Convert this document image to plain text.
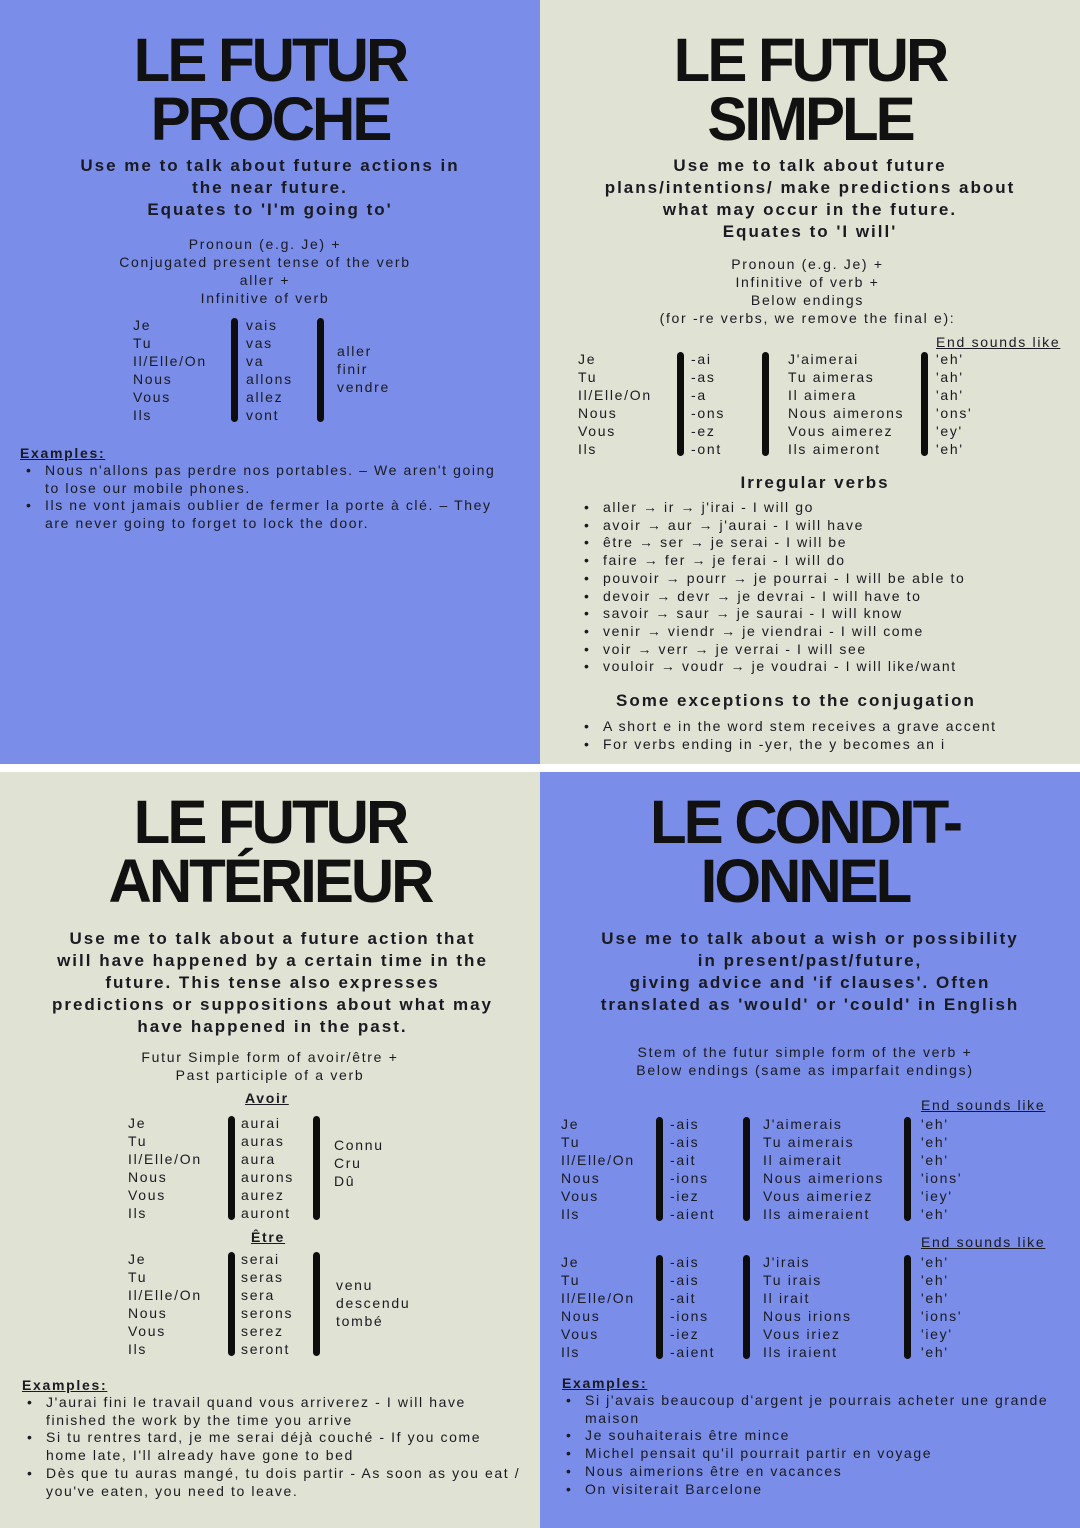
LE FUTUR
PROCHE
Use me to talk about future actions in
the near future.
Equates to 'I'm going to'
Pronoun (e.g. Je) +
Conjugated present tense of the verb
aller +
Infinitive of verb
Je
Tu
Il/Elle/On
Nous
Vous
Ils
vais
vas
va
allons
allez
vont
aller
finir
vendre
Examples:
• Nous n'allons pas perdre nos portables. – We aren't going to lose our mobile phones.
• Ils ne vont jamais oublier de fermer la porte à clé. – They are never going to forget to lock the door.
LE FUTUR
SIMPLE
Use me to talk about future
plans/intentions/ make predictions about
what may occur in the future.
Equates to 'I will'
Pronoun (e.g. Je) +
Infinitive of verb +
Below endings
(for -re verbs, we remove the final e):
End sounds like
Je
Tu
Il/Elle/On
Nous
Vous
Ils
-ai
-as
-a
-ons
-ez
-ont
J'aimerai
Tu aimeras
Il aimera
Nous aimerons
Vous aimerez
Ils aimeront
'eh'
'ah'
'ah'
'ons'
'ey'
'eh'
Irregular verbs
• aller → ir → j'irai - I will go
• avoir → aur → j'aurai - I will have
• être → ser → je serai - I will be
• faire → fer → je ferai - I will do
• pouvoir → pourr → je pourrai - I will be able to
• devoir → devr → je devrai - I will have to
• savoir → saur → je saurai - I will know
• venir → viendr → je viendrai - I will come
• voir → verr → je verrai - I will see
• vouloir → voudr → je voudrai - I will like/want
Some exceptions to the conjugation
• A short e in the word stem receives a grave accent
• For verbs ending in -yer, the y becomes an i
LE FUTUR
ANTÉRIEUR
Use me to talk about a future action that
will have happened by a certain time in the
future. This tense also expresses
predictions or suppositions about what may
have happened in the past.
Futur Simple form of avoir/être +
Past participle of a verb
Avoir
Je
Tu
Il/Elle/On
Nous
Vous
Ils
aurai
auras
aura
aurons
aurez
auront
Connu
Cru
Dû
Être
Je
Tu
Il/Elle/On
Nous
Vous
Ils
serai
seras
sera
serons
serez
seront
venu
descendu
tombé
Examples:
• J'aurai fini le travail quand vous arriverez - I will have finished the work by the time you arrive
• Si tu rentres tard, je me serai déjà couché - If you come home late, I'll already have gone to bed
• Dès que tu auras mangé, tu dois partir - As soon as you eat / you've eaten, you need to leave.
LE CONDIT-
IONNEL
Use me to talk about a wish or possibility
in present/past/future,
giving advice and 'if clauses'. Often
translated as 'would' or 'could' in English
Stem of the futur simple form of the verb +
Below endings (same as imparfait endings)
End sounds like
Je
Tu
Il/Elle/On
Nous
Vous
Ils
-ais
-ais
-ait
-ions
-iez
-aient
J'aimerais
Tu aimerais
Il aimerait
Nous aimerions
Vous aimeriez
Ils aimeraient
'eh'
'eh'
'eh'
'ions'
'iey'
'eh'
End sounds like
Je
Tu
Il/Elle/On
Nous
Vous
Ils
-ais
-ais
-ait
-ions
-iez
-aient
J'irais
Tu irais
Il irait
Nous irions
Vous iriez
Ils iraient
'eh'
'eh'
'eh'
'ions'
'iey'
'eh'
Examples:
• Si j'avais beaucoup d'argent je pourrais acheter une grande maison
• Je souhaiterais être mince
• Michel pensait qu'il pourrait partir en voyage
• Nous aimerions être en vacances
• On visiterait Barcelone
